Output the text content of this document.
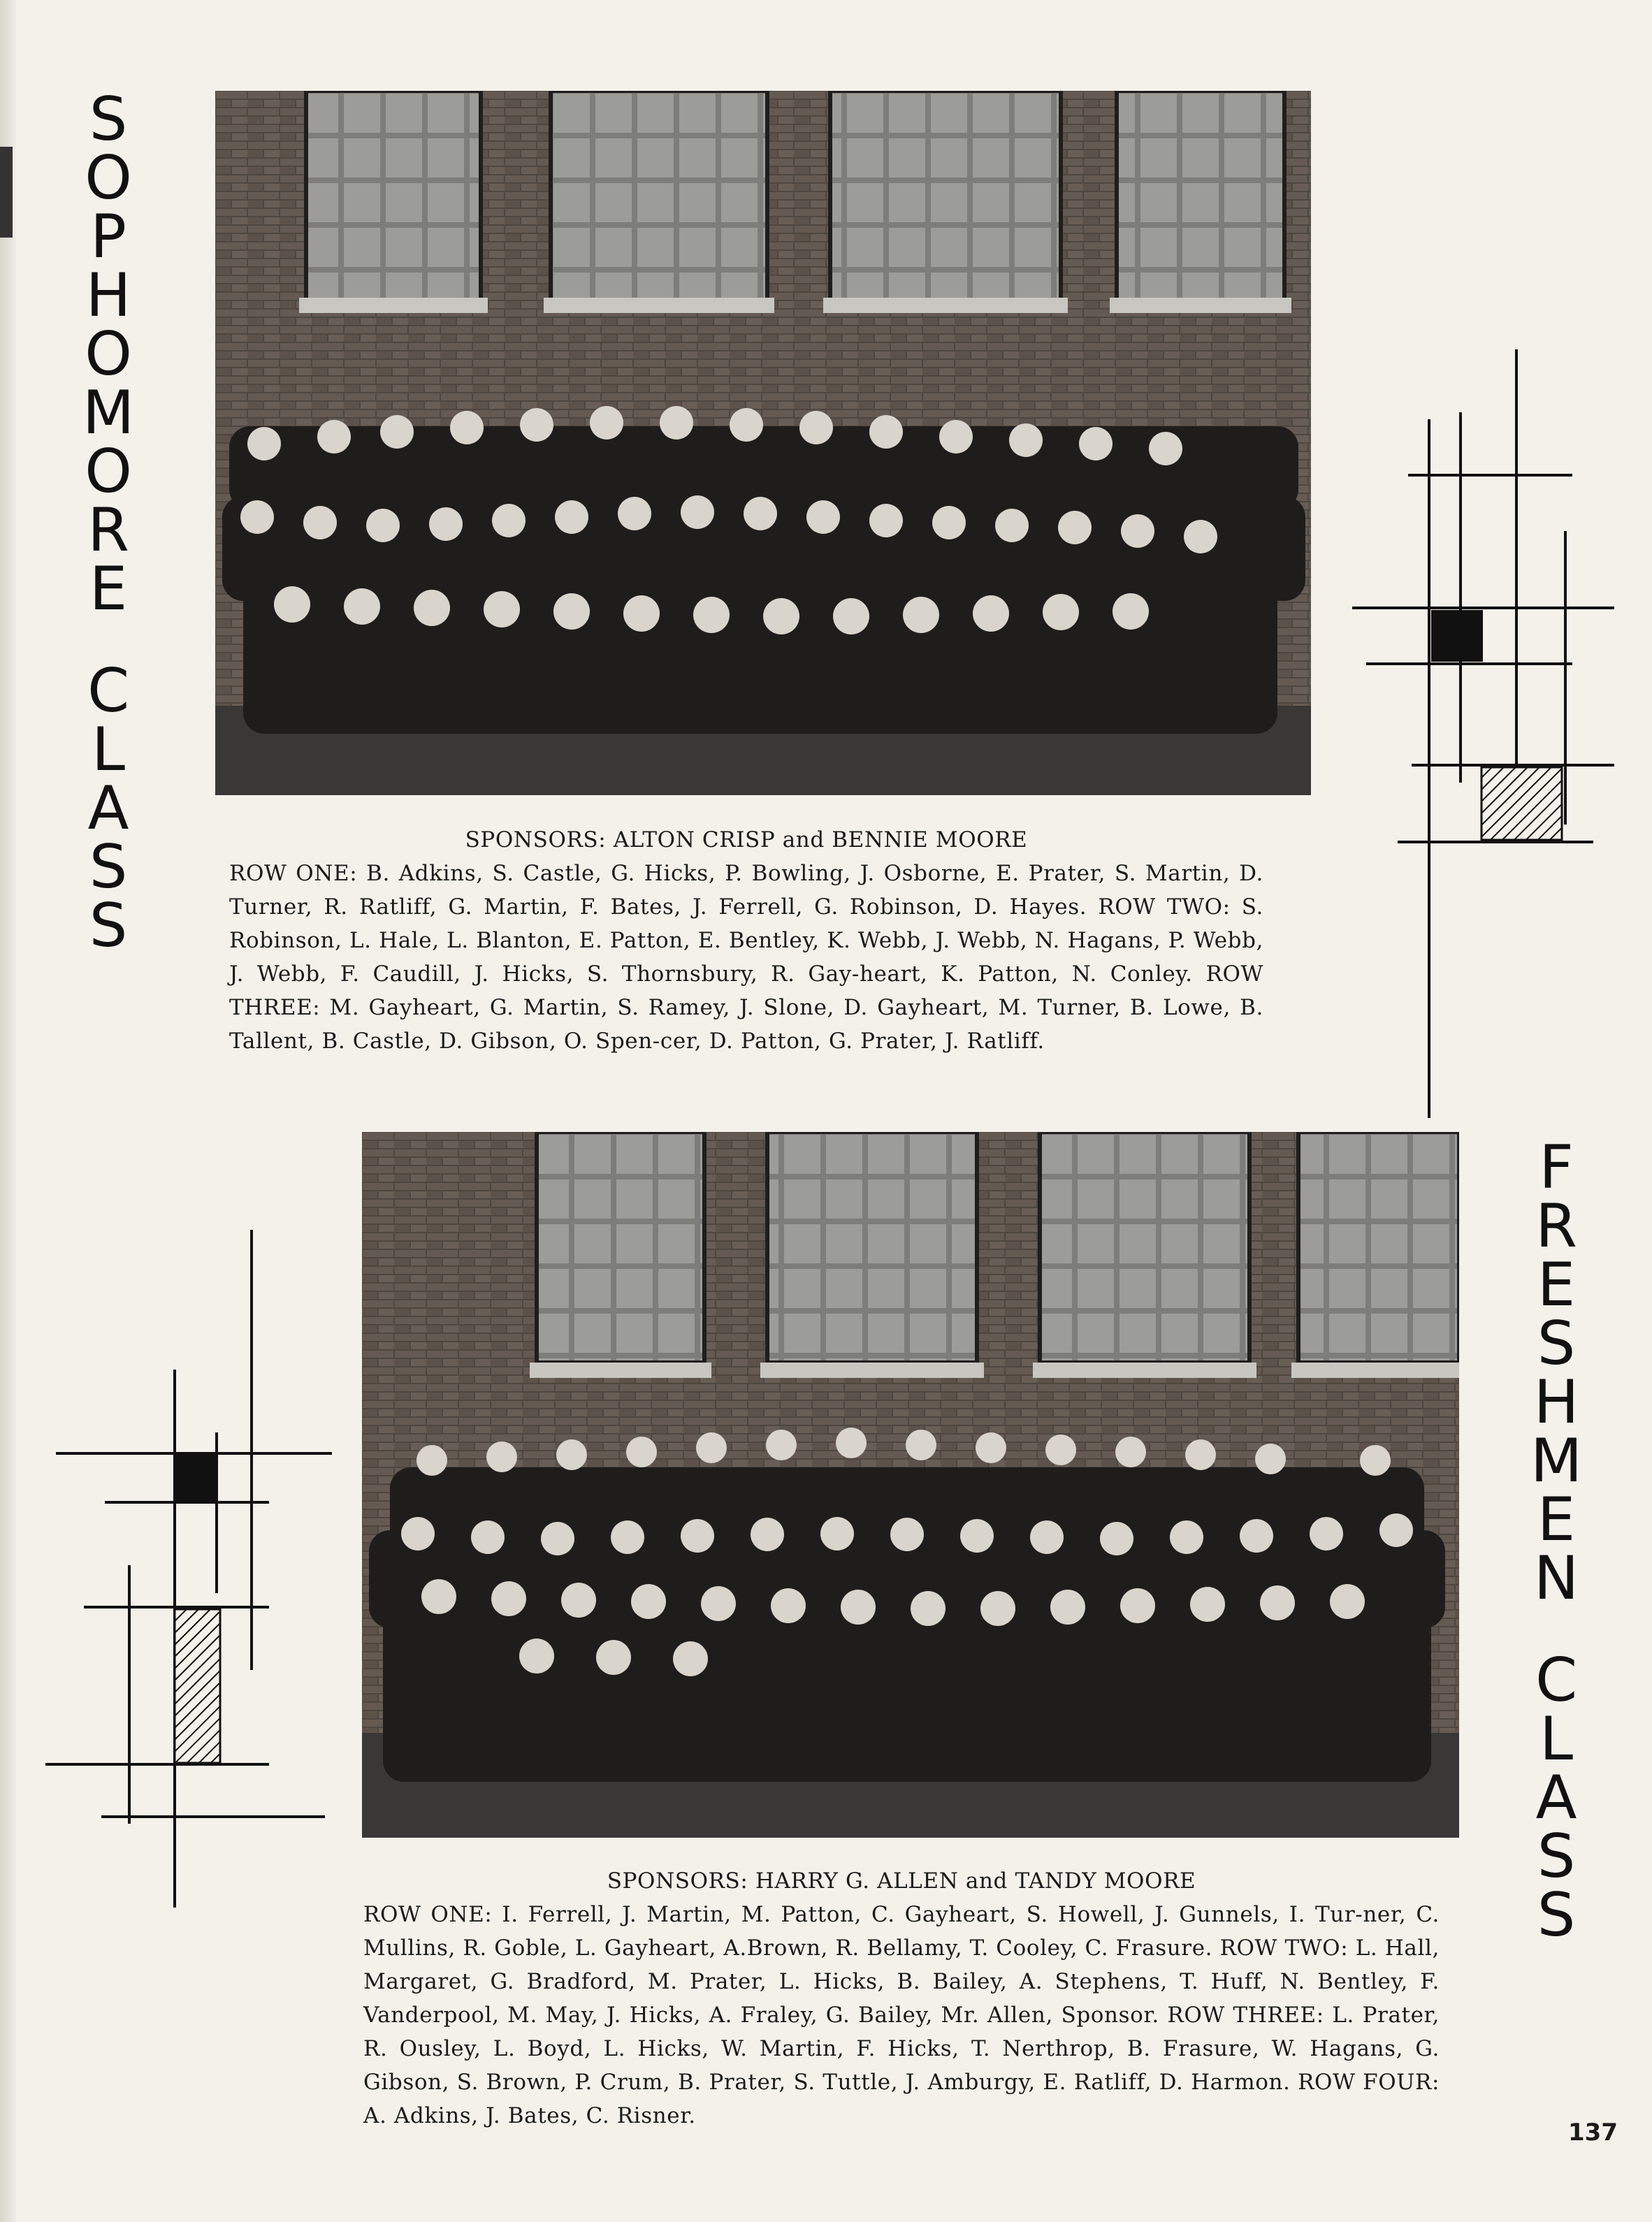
S
O
P
H
O
M
O
R
E
C
L
A
S
S
F
R
E
S
H
M
E
N
C
L
A
S
S
SPONSORS: ALTON CRISP and BENNIE MOORE
ROW ONE: B. Adkins, S. Castle, G. Hicks, P. Bowling, J. Osborne, E. Prater, S. Martin, D. Turner, R. Ratliff, G. Martin, F. Bates, J. Ferrell, G. Robinson, D. Hayes. ROW TWO: S. Robinson, L. Hale, L. Blanton, E. Patton, E. Bentley, K. Webb, J. Webb, N. Hagans, P. Webb, J. Webb, F. Caudill, J. Hicks, S. Thornsbury, R. Gay-heart, K. Patton, N. Conley. ROW THREE: M. Gayheart, G. Martin, S. Ramey, J. Slone, D. Gayheart, M. Turner, B. Lowe, B. Tallent, B. Castle, D. Gibson, O. Spen-cer, D. Patton, G. Prater, J. Ratliff.
SPONSORS: HARRY G. ALLEN and TANDY MOORE
ROW ONE: I. Ferrell, J. Martin, M. Patton, C. Gayheart, S. Howell, J. Gunnels, I. Tur-ner, C. Mullins, R. Goble, L. Gayheart, A.Brown, R. Bellamy, T. Cooley, C. Frasure. ROW TWO: L. Hall, Margaret, G. Bradford, M. Prater, L. Hicks, B. Bailey, A. Stephens, T. Huff, N. Bentley, F. Vanderpool, M. May, J. Hicks, A. Fraley, G. Bailey, Mr. Allen, Sponsor. ROW THREE: L. Prater, R. Ousley, L. Boyd, L. Hicks, W. Martin, F. Hicks, T. Nerthrop, B. Frasure, W. Hagans, G. Gibson, S. Brown, P. Crum, B. Prater, S. Tuttle, J. Amburgy, E. Ratliff, D. Harmon. ROW FOUR: A. Adkins, J. Bates, C. Risner.
137
